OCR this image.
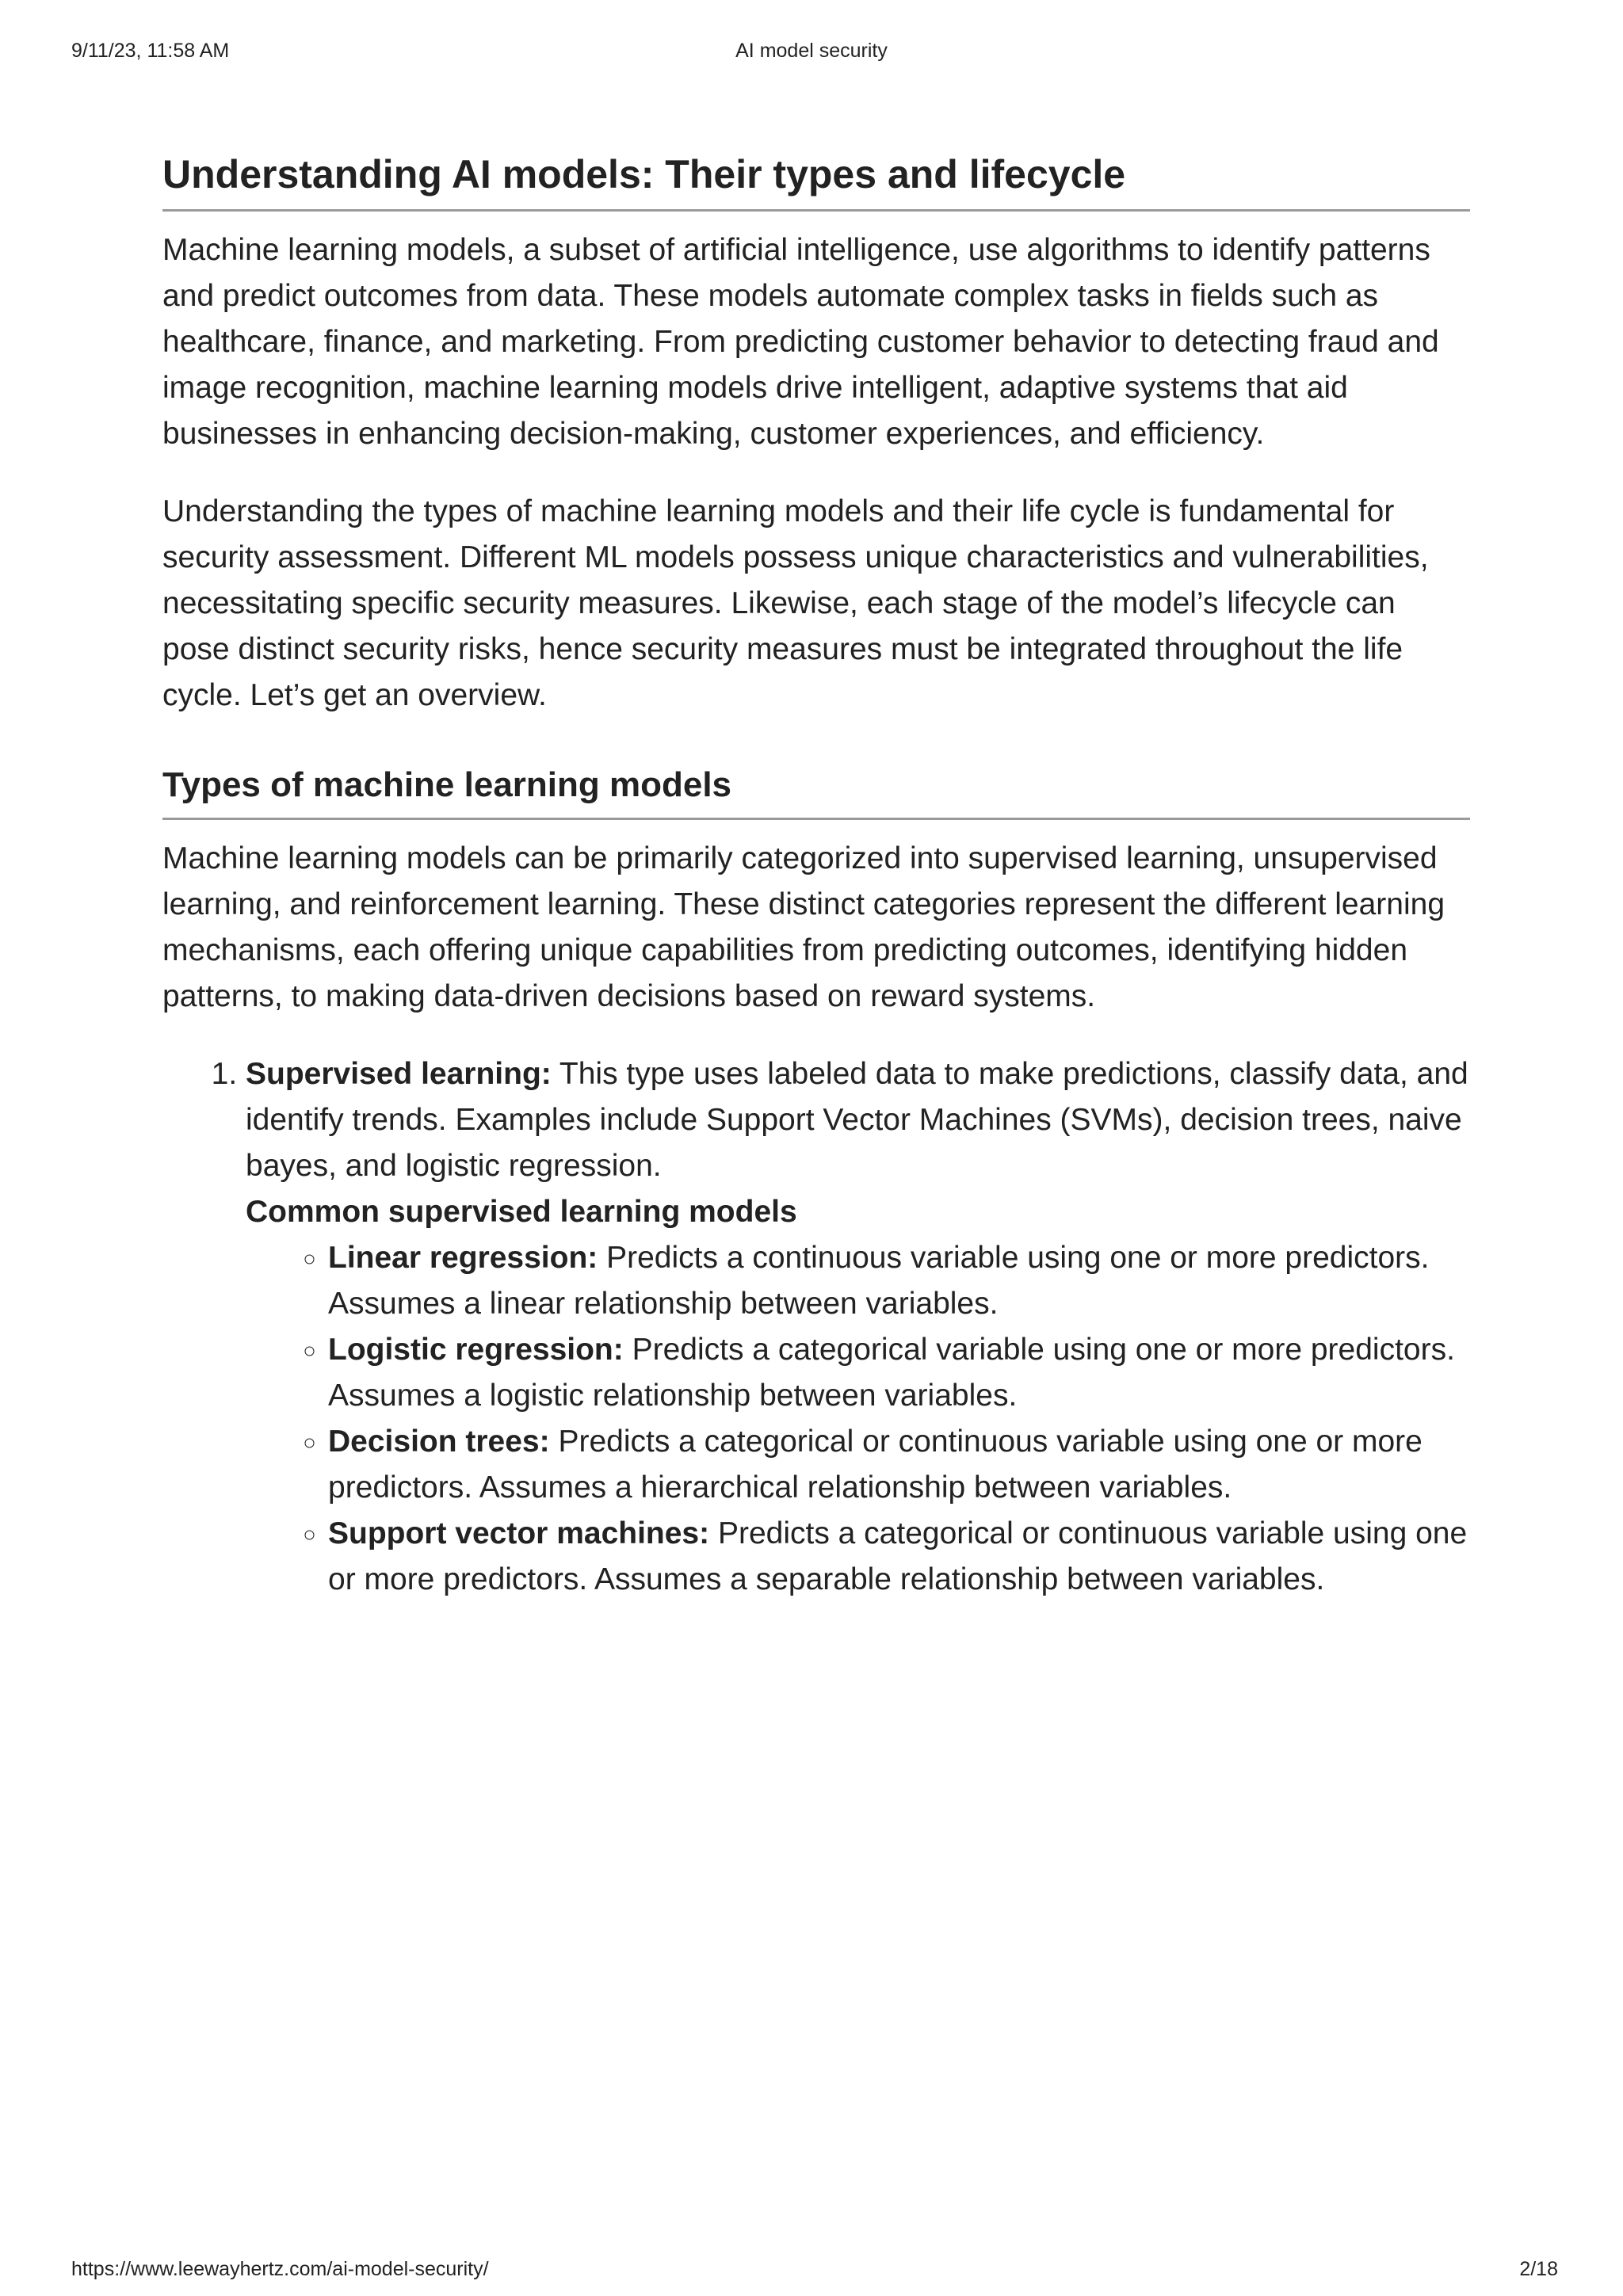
9/11/23, 11:58 AM	AI model security
Understanding AI models: Their types and lifecycle

Machine learning models, a subset of artificial intelligence, use algorithms to identify patterns and predict outcomes from data. These models automate complex tasks in fields such as healthcare, finance, and marketing. From predicting customer behavior to detecting fraud and image recognition, machine learning models drive intelligent, adaptive systems that aid businesses in enhancing decision-making, customer experiences, and efficiency.

Understanding the types of machine learning models and their life cycle is fundamental for security assessment. Different ML models possess unique characteristics and vulnerabilities, necessitating specific security measures. Likewise, each stage of the model’s lifecycle can pose distinct security risks, hence security measures must be integrated throughout the life cycle. Let’s get an overview.

Types of machine learning models

Machine learning models can be primarily categorized into supervised learning, unsupervised learning, and reinforcement learning. These distinct categories represent the different learning mechanisms, each offering unique capabilities from predicting outcomes, identifying hidden patterns, to making data-driven decisions based on reward systems.

1. Supervised learning: This type uses labeled data to make predictions, classify data, and identify trends. Examples include Support Vector Machines (SVMs), decision trees, naive bayes, and logistic regression.
Common supervised learning models
◦ Linear regression: Predicts a continuous variable using one or more predictors. Assumes a linear relationship between variables.
◦ Logistic regression: Predicts a categorical variable using one or more predictors. Assumes a logistic relationship between variables.
◦ Decision trees: Predicts a categorical or continuous variable using one or more predictors. Assumes a hierarchical relationship between variables.
◦ Support vector machines: Predicts a categorical or continuous variable using one or more predictors. Assumes a separable relationship between variables.
https://www.leewayhertz.com/ai-model-security/	2/18
